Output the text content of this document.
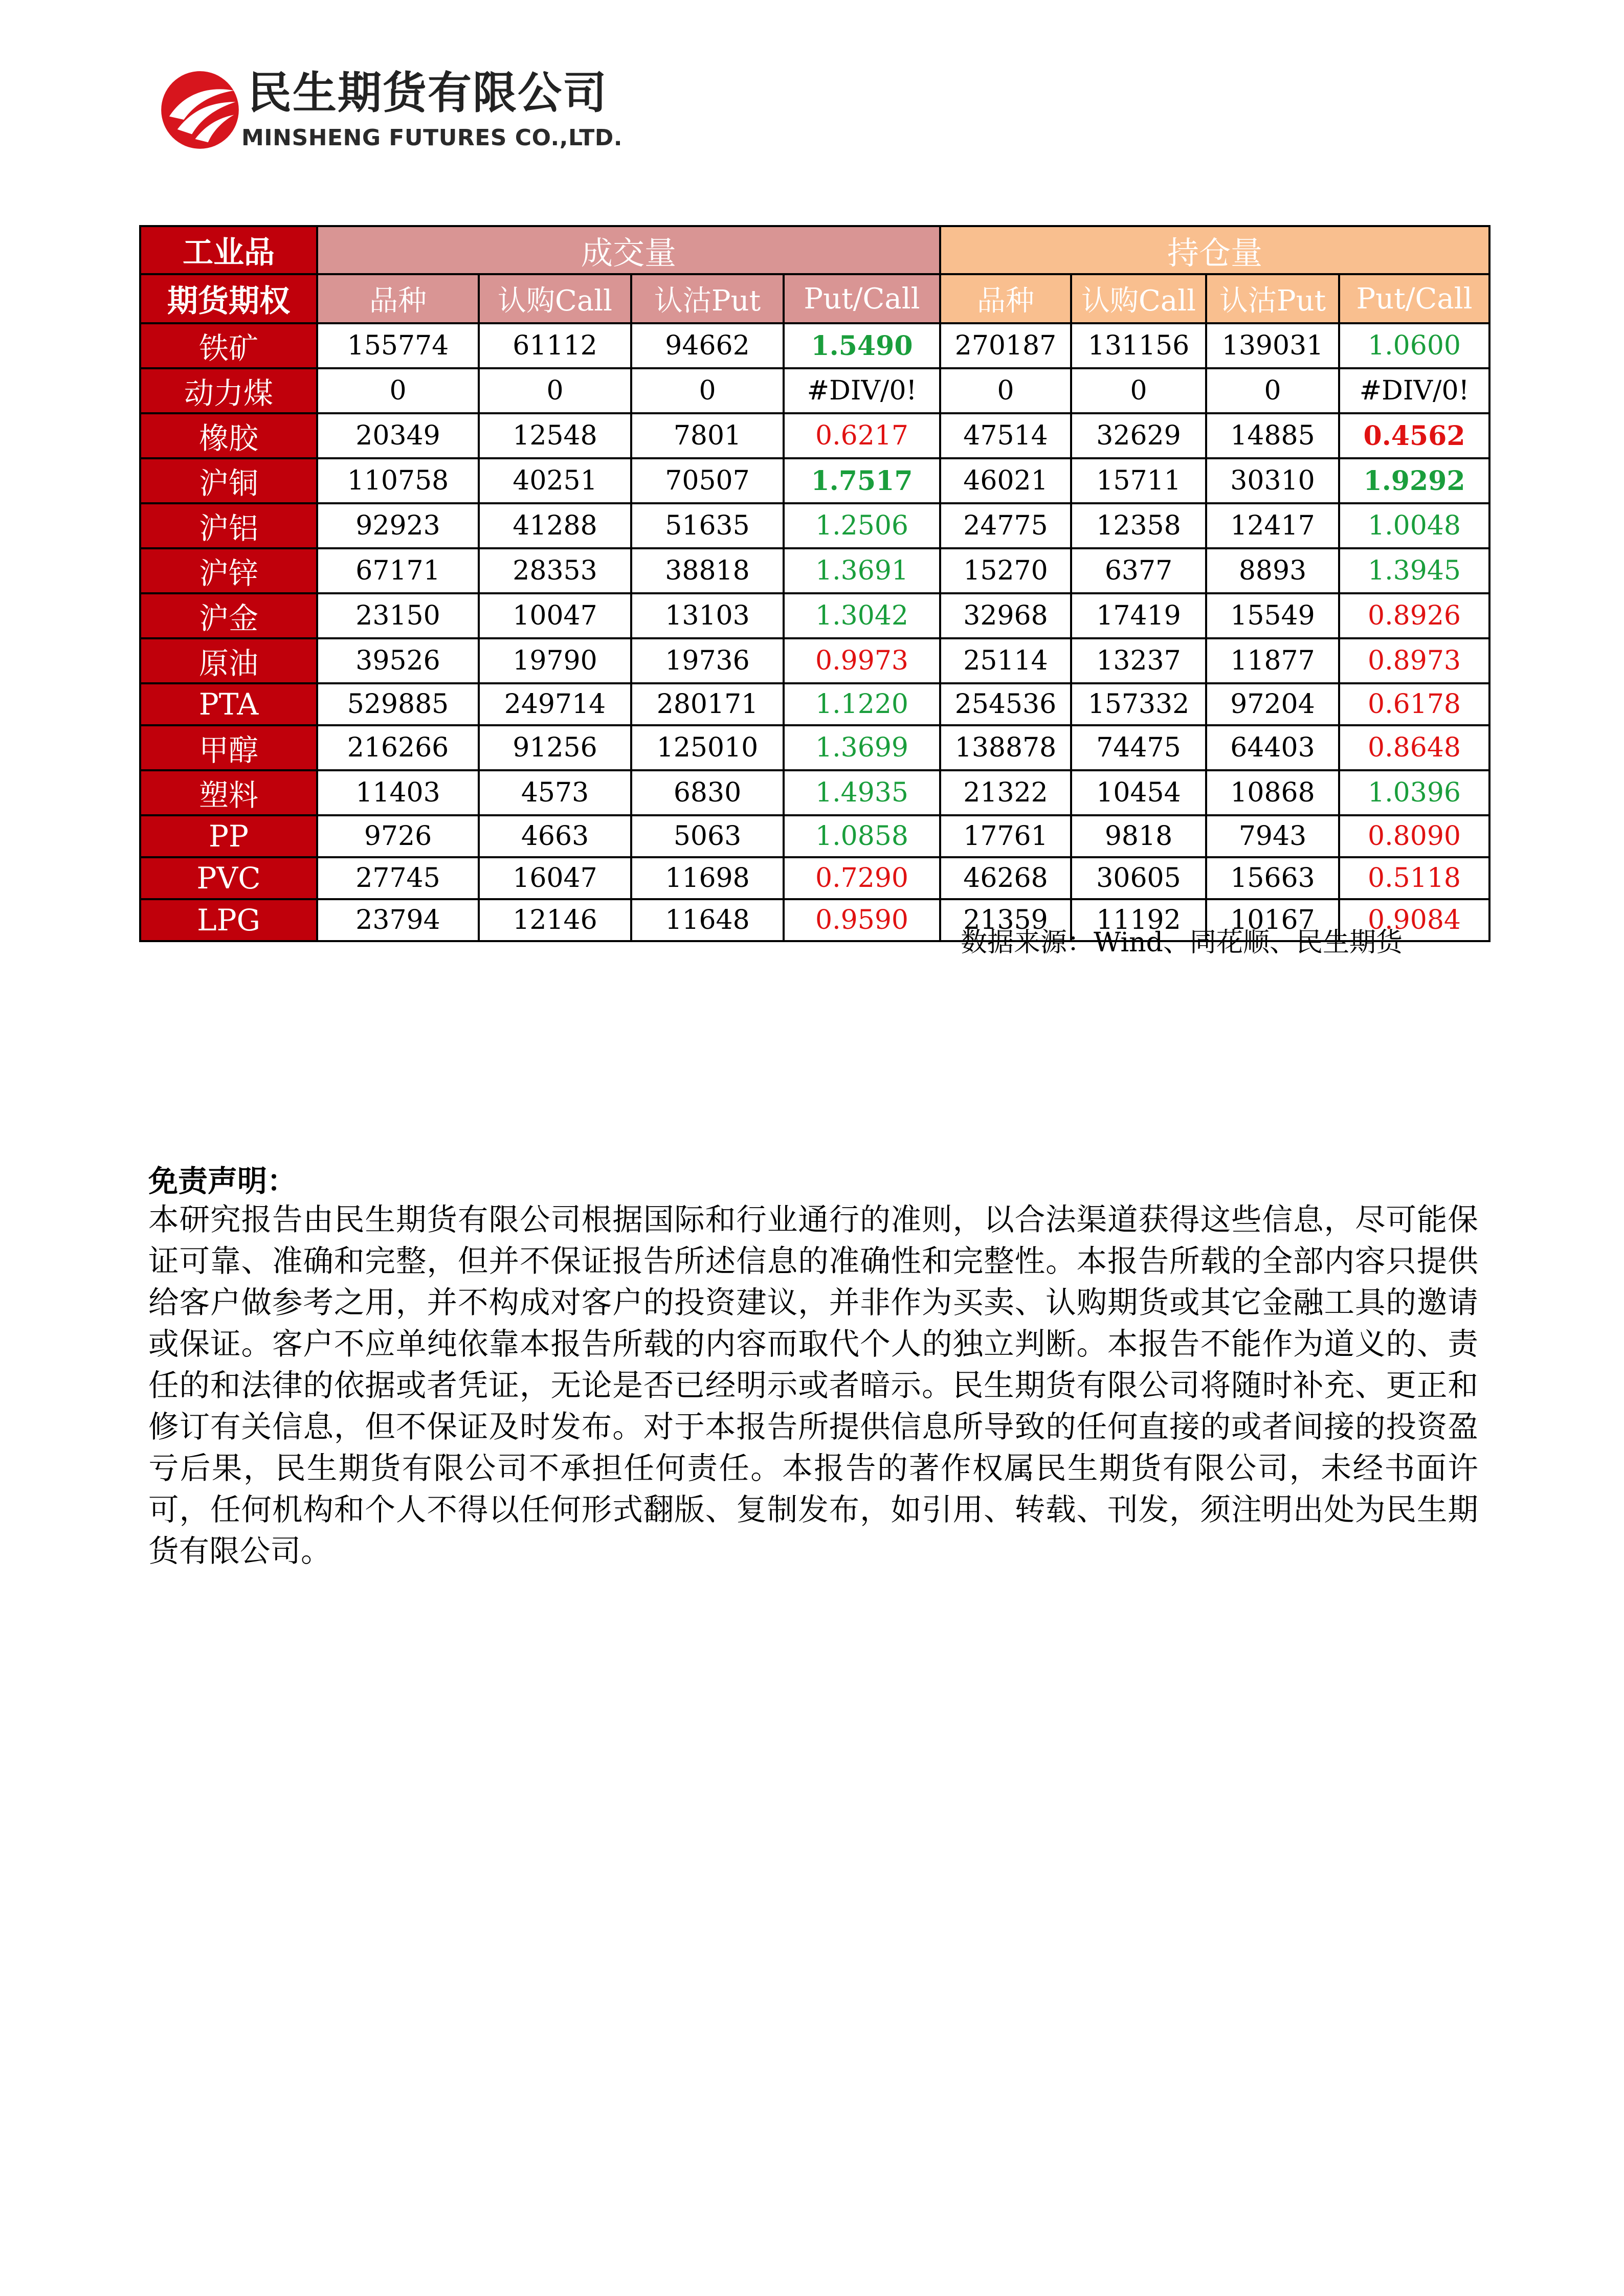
民生期货有限公司
MINSHENG FUTURES CO.,LTD.
工业品	成交量				持仓量			
期货期权	品种	认购Call	认沽Put	Put/Call	品种	认购Call	认沽Put	Put/Call
铁矿	155774	61112	94662	1.5490	270187	131156	139031	1.0600
动力煤	0	0	0	#DIV/0!	0	0	0	#DIV/0!
橡胶	20349	12548	7801	0.6217	47514	32629	14885	0.4562
沪铜	110758	40251	70507	1.7517	46021	15711	30310	1.9292
沪铝	92923	41288	51635	1.2506	24775	12358	12417	1.0048
沪锌	67171	28353	38818	1.3691	15270	6377	8893	1.3945
沪金	23150	10047	13103	1.3042	32968	17419	15549	0.8926
原油	39526	19790	19736	0.9973	25114	13237	11877	0.8973
PTA	529885	249714	280171	1.1220	254536	157332	97204	0.6178
甲醇	216266	91256	125010	1.3699	138878	74475	64403	0.8648
塑料	11403	4573	6830	1.4935	21322	10454	10868	1.0396
PP	9726	4663	5063	1.0858	17761	9818	7943	0.8090
PVC	27745	16047	11698	0.7290	46268	30605	15663	0.5118
LPG	23794	12146	11648	0.9590	21359	11192	10167	0.9084
数据来源：Wind、同花顺、民生期货
免责声明：
本研究报告由民生期货有限公司根据国际和行业通行的准则，以合法渠道获得这些信息，尽可能保证可靠、准确和完整，但并不保证报告所述信息的准确性和完整性。本报告所载的全部内容只提供给客户做参考之用，并不构成对客户的投资建议，并非作为买卖、认购期货或其它金融工具的邀请或保证。客户不应单纯依靠本报告所载的内容而取代个人的独立判断。本报告不能作为道义的、责任的和法律的依据或者凭证，无论是否已经明示或者暗示。民生期货有限公司将随时补充、更正和修订有关信息，但不保证及时发布。对于本报告所提供信息所导致的任何直接的或者间接的投资盈亏后果，民生期货有限公司不承担任何责任。本报告的著作权属民生期货有限公司，未经书面许可，任何机构和个人不得以任何形式翻版、复制发布，如引用、转载、刊发，须注明出处为民生期货有限公司。
